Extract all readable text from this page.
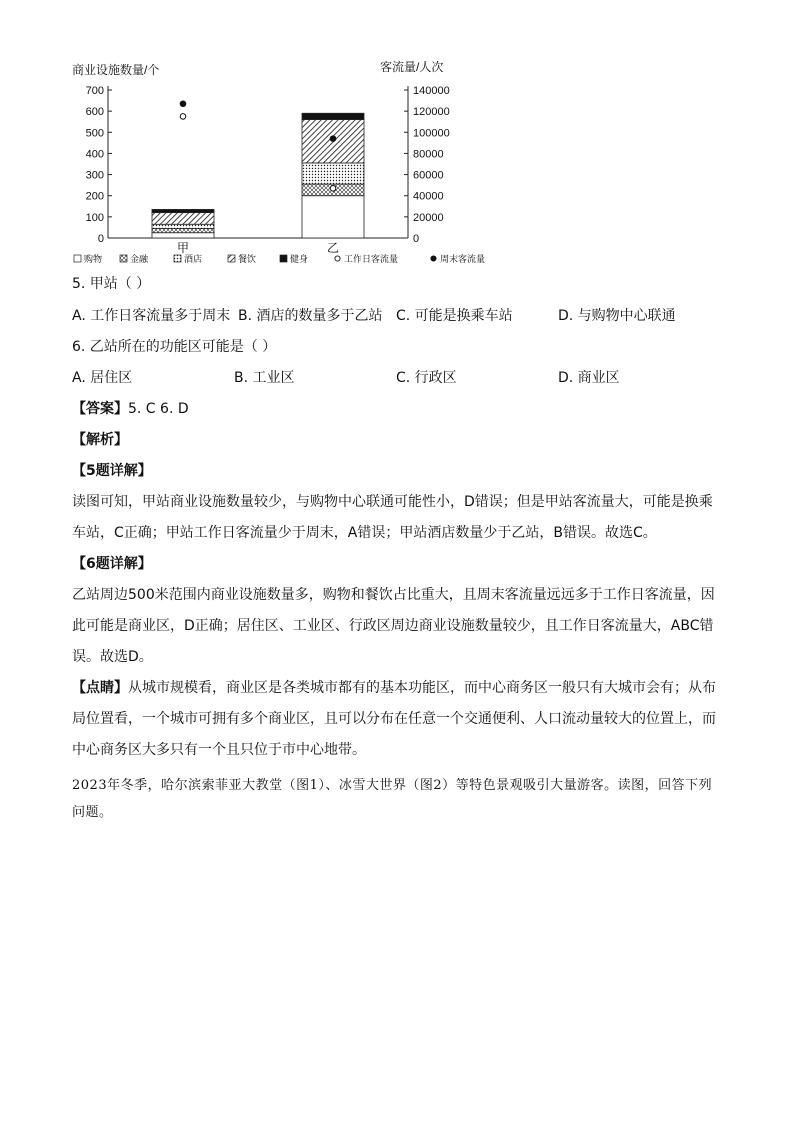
商业设施数量/个	客流量/人次
0
100
200
300
400
500
600
700
0
20000
40000
60000
80000
100000
120000
140000
甲	乙
购物	金融	酒店	餐饮	健身	工作日客流量	周末客流量
5. 甲站（ ）
A. 工作日客流量多于周末 B. 酒店的数量多于乙站 C. 可能是换乘车站	D. 与购物中心联通
6. 乙站所在的功能区可能是（ ）
A. 居住区	B. 工业区	C. 行政区	D. 商业区

【答案】5. C 6. D

【解析】

【5题详解】

读图可知，甲站商业设施数量较少，与购物中心联通可能性小，D错误；但是甲站客流量大，可能是换乘车站，C正确；甲站工作日客流量少于周末，A错误；甲站酒店数量少于乙站，B错误。故选C。

【6题详解】

乙站周边500米范围内商业设施数量多，购物和餐饮占比重大，且周末客流量远远多于工作日客流量，因此可能是商业区，D正确；居住区、工业区、行政区周边商业设施数量较少，且工作日客流量大，ABC错误。故选D。

【点睛】从城市规模看，商业区是各类城市都有的基本功能区，而中心商务区一般只有大城市会有；从布局位置看，一个城市可拥有多个商业区，且可以分布在任意一个交通便利、人口流动量较大的位置上，而中心商务区大多只有一个且只位于市中心地带。

2023年冬季，哈尔滨索菲亚大教堂（图1）、冰雪大世界（图2）等特色景观吸引大量游客。读图，回答下列问题。
